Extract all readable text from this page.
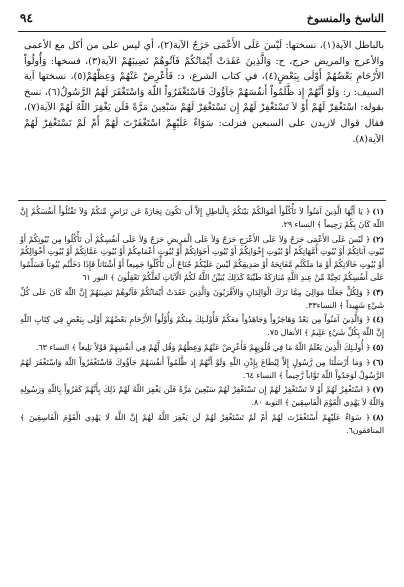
الناسخ والمنسوخ
٩٤

بالباطل الآية(١)، نسختها: لَيْسَ عَلَى الأَعْمَى حَرَجٌ الآية(٢)، أي ليس على من أكل مع الأعمى والأعرج والمريض حرج، ح: وَالَّذِينَ عَقَدَتْ أَيْمَانُكُمْ فَآتُوهُمْ نَصِيبَهُمْ الآية(٣)، فسخها: وَأُولُواْ الأَرْحَامِ بَعْضُهُمْ أَوْلَى بِبَعْضٍ(٤)، في كتاب الشرع، د: فَأَعْرِضْ عَنْهُمْ وَعِظْهُمْ(٥)، نسختها آية السيف: ر: وَلَوْ أَنَّهُمْ إِذ ظَّلَمُواْ أَنفُسَهُمْ جَآؤُوكَ فَاسْتَغْفَرُواْ اللّهَ وَاسْتَغْفَرَ لَهُمُ الرَّسُولُ(٦)، نسخ بقوله: اسْتَغْفِرْ لَهُمْ أَوْ لاَ تَسْتَغْفِرْ لَهُمْ إِن تَسْتَغْفِرْ لَهُمْ سَبْعِينَ مَرَّةً فَلَن يَغْفِرَ اللّهُ لَهُمْ الآية(٧)، فقال قوال لازيدن على السبعين فنزلت: سَوَاءٌ عَلَيْهِمْ اسْتَغْفَرْتَ لَهُمْ أَمْ لَمْ تَسْتَغْفِرْ لَهُمْ الآية(٨).

(١)﴿ يَا أَيُّهَا الَّذِينَ آمَنُواْ لاَ تَأْكُلُواْ أَمْوَالَكُمْ بَيْنَكُمْ بِالْبَاطِلِ إِلاَّ أَن تَكُونَ تِجَارَةً عَن تَرَاضٍ مِّنكُمْ وَلاَ تَقْتُلُواْ أَنفُسَكُمْ إِنَّ اللّهَ كَانَ بِكُمْ رَحِيماً ﴾ النساء ٢٩.

(٢)﴿ لَيْسَ عَلَى الأَعْمَى حَرَجٌ وَلاَ عَلَى الأَعْرَجِ حَرَجٌ وَلاَ عَلَى الْمَرِيضِ حَرَجٌ وَلاَ عَلَى أَنفُسِكُمْ أَن تَأْكُلُوا مِن بُيُوتِكُمْ أَوْ بُيُوتِ آبَائِكُمْ أَوْ بُيُوتِ أُمَّهَاتِكُمْ أَوْ بُيُوتِ إِخْوَانِكُمْ أَوْ بُيُوتِ أَخَوَاتِكُمْ أَوْ بُيُوتِ أَعْمَامِكُمْ أَوْ بُيُوتِ عَمَّاتِكُمْ أَوْ بُيُوتِ أَخْوَالِكُمْ أَوْ بُيُوتِ خَالَاتِكُمْ أَوْ مَا مَلَكْتُم مَّفَاتِحَهُ أَوْ صَدِيقِكُمْ لَيْسَ عَلَيْكُمْ جُنَاحٌ أَن تَأْكُلُوا جَمِيعاً أَوْ أَشْتَاتاً فَإِذَا دَخَلْتُم بُيُوتاً فَسَلِّمُوا عَلَى أَنفُسِكُمْ تَحِيَّةً مِّنْ عِندِ اللَّهِ مُبَارَكَةً طَيِّبَةً كَذَلِكَ يُبَيِّنُ اللَّهُ لَكُمُ الْآيَاتِ لَعَلَّكُمْ تَعْقِلُونَ ﴾ النور ٦١

(٣)﴿ وَلِكُلٍّ جَعَلْنَا مَوَالِيَ مِمَّا تَرَكَ الْوَالِدَانِ وَالأَقْرَبُونَ وَالَّذِينَ عَقَدَتْ أَيْمَانُكُمْ فَآتُوهُمْ نَصِيبَهُمْ إِنَّ اللّهَ كَانَ عَلَى كُلِّ شَيْءٍ شَهِيداً ﴾ النساء٣٣.

(٤)﴿ وَالَّذِينَ آمَنُواْ مِن بَعْدُ وَهَاجَرُواْ وَجَاهَدُواْ مَعَكُمْ فَأُوْلَـئِكَ مِنكُمْ وَأُوْلُواْ الأَرْحَامِ بَعْضُهُمْ أَوْلَى بِبَعْضٍ فِي كِتَابِ اللّهِ إِنَّ اللّهَ بِكُلِّ شَيْءٍ عَلِيمٌ ﴾ الأنفال ٧٥.

(٥)﴿ أُولَـئِكَ الَّذِينَ يَعْلَمُ اللّهُ مَا فِي قُلُوبِهِمْ فَأَعْرِضْ عَنْهُمْ وَعِظْهُمْ وَقُل لَّهُمْ فِي أَنفُسِهِمْ قَوْلاً بَلِيغاً ﴾ النساء ٦٣.

(٦)﴿ وَمَا أَرْسَلْنَا مِن رَّسُولٍ إِلاَّ لِيُطَاعَ بِإِذْنِ اللّهِ وَلَوْ أَنَّهُمْ إِذ ظَّلَمُواْ أَنفُسَهُمْ جَآؤُوكَ فَاسْتَغْفَرُواْ اللّهَ وَاسْتَغْفَرَ لَهُمُ الرَّسُولُ لَوَجَدُواْ اللّهَ تَوَّاباً رَّحِيماً ﴾ النساء ٦٤.

(٧)﴿ اسْتَغْفِرْ لَهُمْ أَوْ لاَ تَسْتَغْفِرْ لَهُمْ إِن تَسْتَغْفِرْ لَهُمْ سَبْعِينَ مَرَّةً فَلَن يَغْفِرَ اللّهُ لَهُمْ ذَلِكَ بِأَنَّهُمْ كَفَرُواْ بِاللّهِ وَرَسُولِهِ وَاللّهُ لاَ يَهْدِي الْقَوْمَ الْفَاسِقِينَ ﴾ التوبة ٨٠.

(٨)﴿ سَوَاءٌ عَلَيْهِمْ أَسْتَغْفَرْتَ لَهُمْ أَمْ لَمْ تَسْتَغْفِرْ لَهُمْ لَن يَغْفِرَ اللَّهُ لَهُمْ إِنَّ اللَّهَ لَا يَهْدِي الْقَوْمَ الْفَاسِقِينَ ﴾ المنافقون٦.
